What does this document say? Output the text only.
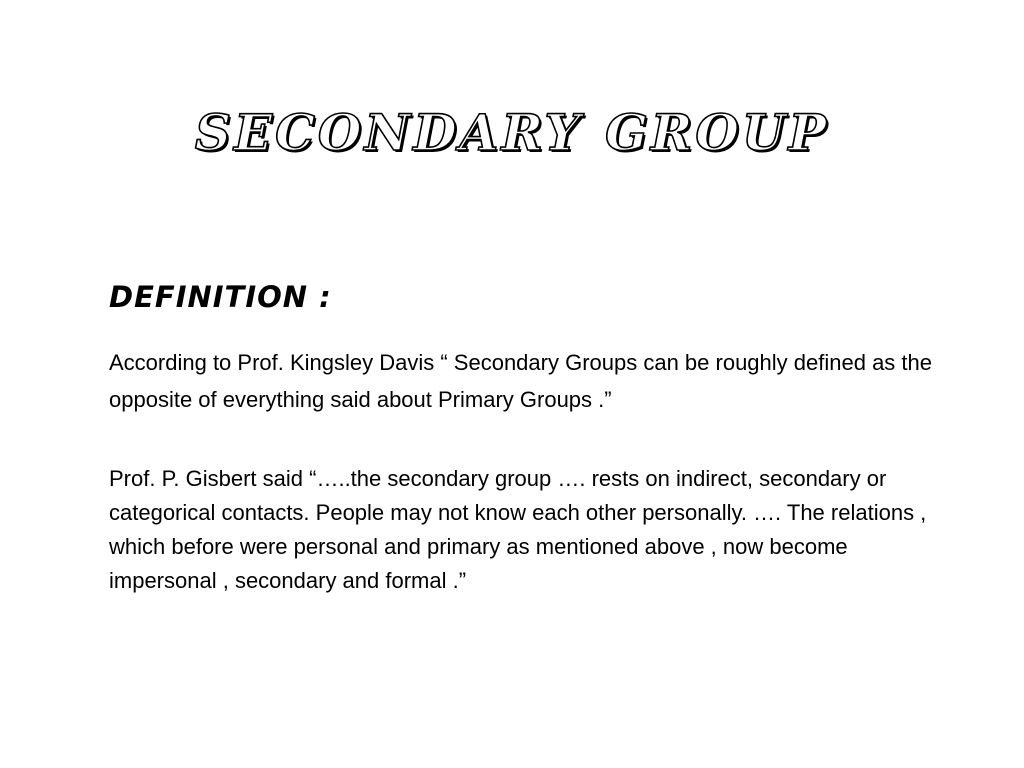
SECONDARY GROUP
DEFINITION :
According to Prof. Kingsley Davis “ Secondary Groups can be roughly defined as the opposite of everything said about Primary Groups .”
Prof. P. Gisbert said “…..the secondary group …. rests on indirect, secondary or categorical contacts. People may not know each other personally. …. The relations , which before were personal and primary as mentioned above , now become impersonal , secondary and formal .”
